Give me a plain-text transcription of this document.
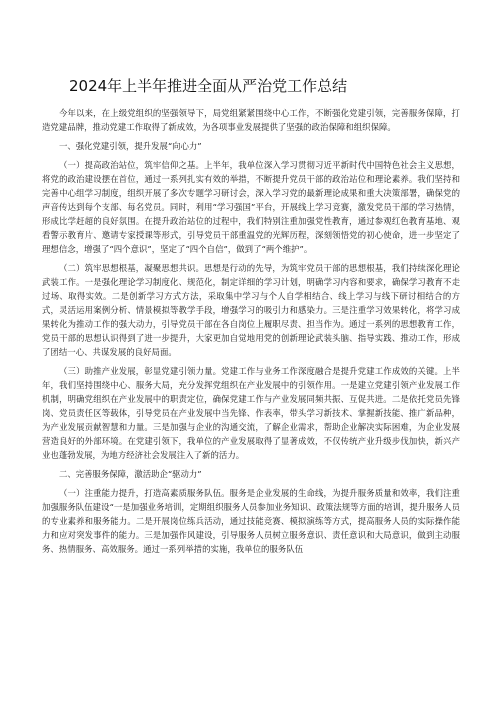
2024年上半年推进全面从严治党工作总结

今年以来，在上级党组织的坚强领导下，局党组紧紧围绕中心工作，不断强化党建引领，完善服务保障，打造党建品牌，推动党建工作取得了新成效，为各项事业发展提供了坚强的政治保障和组织保障。

一、强化党建引领，提升发展“向心力”

（一）提高政治站位，筑牢信仰之基。上半年，我单位深入学习贯彻习近平新时代中国特色社会主义思想，将党的政治建设摆在首位，通过一系列扎实有效的举措，不断提升党员干部的政治站位和理论素养。我们坚持和完善中心组学习制度，组织开展了多次专题学习研讨会，深入学习党的最新理论成果和重大决策部署，确保党的声音传达到每个支部、每名党员。同时，利用“学习强国”平台，开展线上学习竞赛，激发党员干部的学习热情，形成比学赶超的良好氛围。在提升政治站位的过程中，我们特别注重加强党性教育，通过参观红色教育基地、观看警示教育片、邀请专家授课等形式，引导党员干部重温党的光辉历程，深刻领悟党的初心使命，进一步坚定了理想信念，增强了“四个意识”，坚定了“四个自信”，做到了“两个维护”。

（二）筑牢思想根基，凝聚思想共识。思想是行动的先导，为筑牢党员干部的思想根基，我们持续深化理论武装工作。一是强化理论学习制度化、规范化，制定详细的学习计划，明确学习内容和要求，确保学习教育不走过场、取得实效。二是创新学习方式方法，采取集中学习与个人自学相结合、线上学习与线下研讨相结合的方式，灵活运用案例分析、情景模拟等教学手段，增强学习的吸引力和感染力。三是注重学习效果转化，将学习成果转化为推动工作的强大动力，引导党员干部在各自岗位上履职尽责、担当作为。通过一系列的思想教育工作，党员干部的思想认识得到了进一步提升，大家更加自觉地用党的创新理论武装头脑、指导实践、推动工作，形成了团结一心、共谋发展的良好局面。

（三）助推产业发展，彰显党建引领力量。党建工作与业务工作深度融合是提升党建工作成效的关键。上半年，我们坚持围绕中心、服务大局，充分发挥党组织在产业发展中的引领作用。一是建立党建引领产业发展工作机制，明确党组织在产业发展中的职责定位，确保党建工作与产业发展同频共振、互促共进。二是依托党员先锋岗、党员责任区等载体，引导党员在产业发展中当先锋、作表率，带头学习新技术、掌握新技能、推广新品种，为产业发展贡献智慧和力量。三是加强与企业的沟通交流，了解企业需求，帮助企业解决实际困难，为企业发展营造良好的外部环境。在党建引领下，我单位的产业发展取得了显著成效，不仅传统产业升级步伐加快，新兴产业也蓬勃发展，为地方经济社会发展注入了新的活力。

二、完善服务保障，激活助企“驱动力”

（一）注重能力提升，打造高素质服务队伍。服务是企业发展的生命线，为提升服务质量和效率，我们注重加强服务队伍建设“一是加强业务培训，定期组织服务人员参加业务知识、政策法规等方面的培训，提升服务人员的专业素养和服务能力。二是开展岗位练兵活动，通过技能竞赛、模拟演练等方式，提高服务人员的实际操作能力和应对突发事件的能力。三是加强作风建设，引导服务人员树立服务意识、责任意识和大局意识，做到主动服务、热情服务、高效服务。通过一系列举措的实施，我单位的服务队伍
